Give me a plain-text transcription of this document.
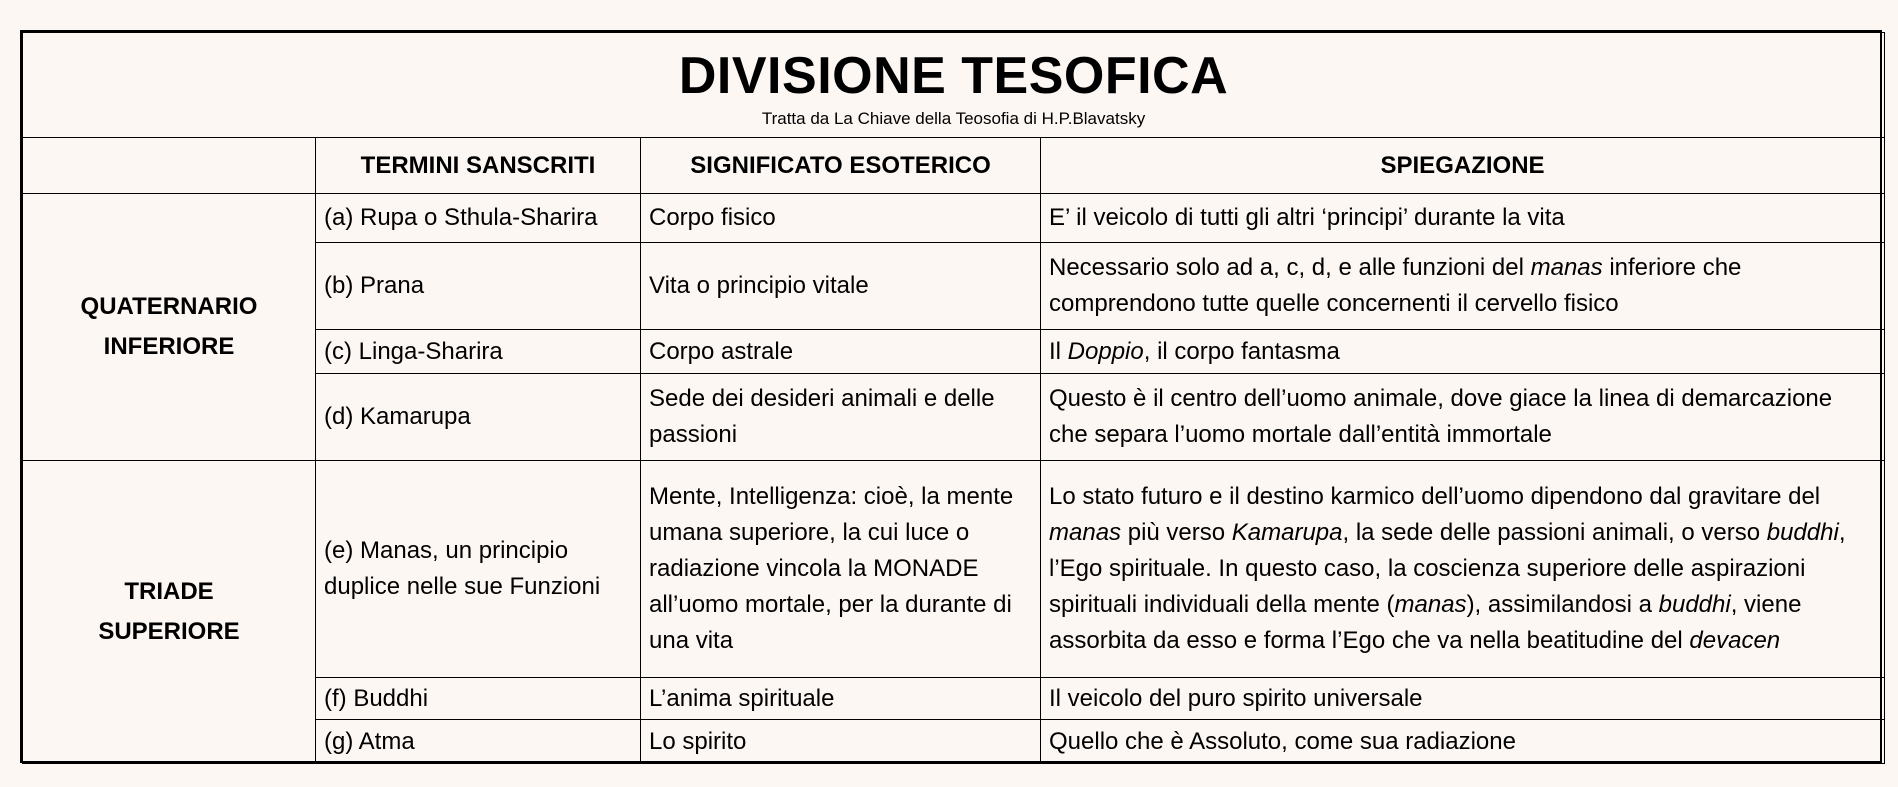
DIVISIONE TESOFICA
Tratta da La Chiave della Teosofia di H.P.Blavatsky			

	TERMINI SANSCRITI	SIGNIFICATO ESOTERICO	SPIEGAZIONE
QUATERNARIO
INFERIORE	(a) Rupa o Sthula-Sharira	Corpo fisico	E’ il veicolo di tutti gli altri ‘principi’ durante la vita
	(b) Prana	Vita o principio vitale	Necessario solo ad a, c, d, e alle funzioni del manas inferiore che comprendono tutte quelle concernenti il cervello fisico
	(c) Linga-Sharira	Corpo astrale	Il Doppio, il corpo fantasma
	(d) Kamarupa	Sede dei desideri animali e delle passioni	Questo è il centro dell’uomo animale, dove giace la linea di demarcazione che separa l’uomo mortale dall’entità immortale
TRIADE
SUPERIORE	(e) Manas, un principio duplice nelle sue Funzioni	Mente, Intelligenza: cioè, la mente umana superiore, la cui luce o radiazione vincola la MONADE all’uomo mortale, per la durante di una vita	Lo stato futuro e il destino karmico dell’uomo dipendono dal gravitare del manas più verso Kamarupa, la sede delle passioni animali, o verso buddhi, l’Ego spirituale. In questo caso, la coscienza superiore delle aspirazioni spirituali individuali della mente (manas), assimilandosi a buddhi, viene assorbita da esso e forma l’Ego che va nella beatitudine del devacen
	(f) Buddhi	L’anima spirituale	Il veicolo del puro spirito universale
	(g) Atma	Lo spirito	Quello che è Assoluto, come sua radiazione
